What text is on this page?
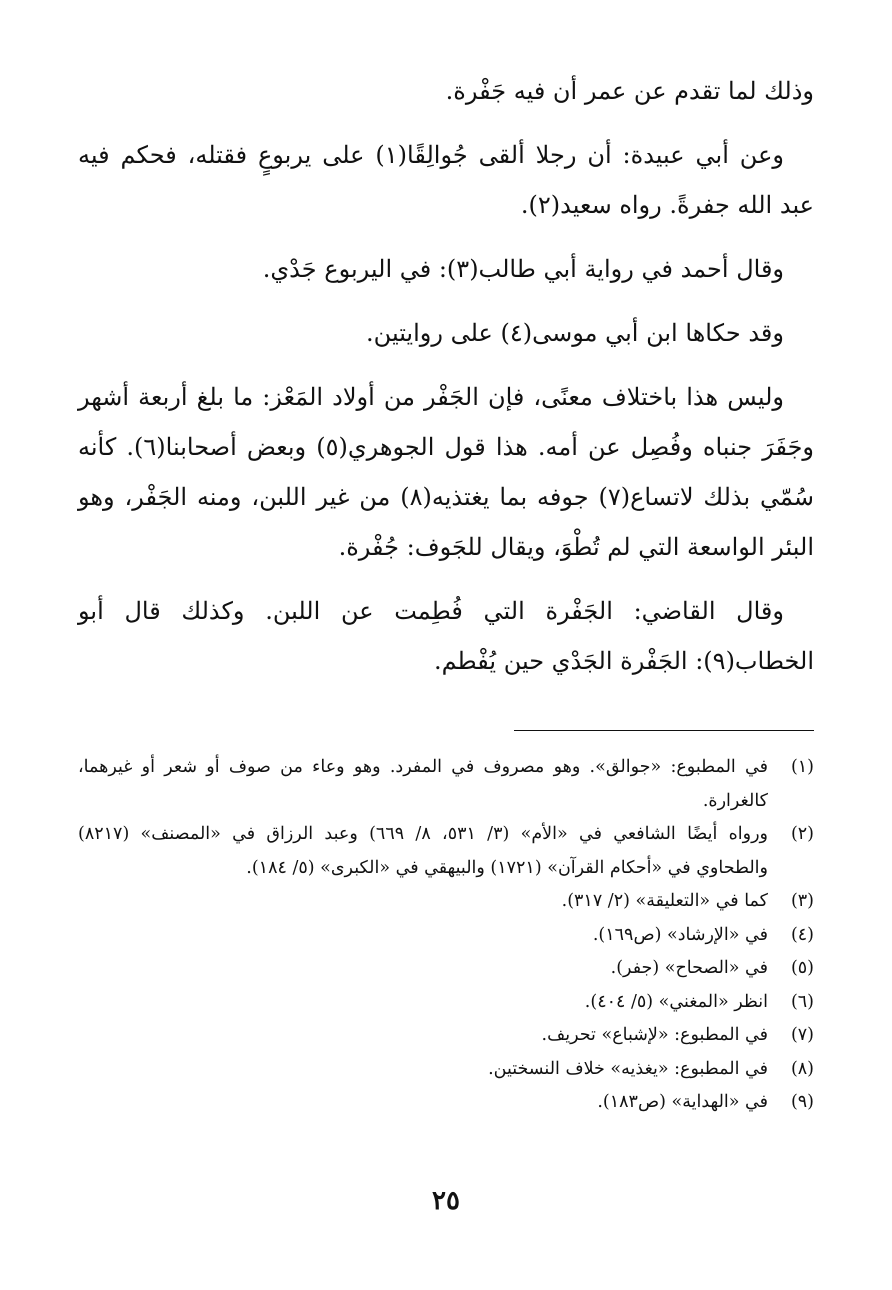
وذلك لما تقدم عن عمر أن فيه جَفْرة.

وعن أبي عبيدة: أن رجلا ألقى جُوالِقًا(١) على يربوعٍ فقتله، فحكم فيه عبد الله جفرةً. رواه سعيد(٢).

وقال أحمد في رواية أبي طالب(٣): في اليربوع جَدْي.

وقد حكاها ابن أبي موسى(٤) على روايتين.

وليس هذا باختلاف معنًى، فإن الجَفْر من أولاد المَعْز: ما بلغ أربعة أشهر وجَفَرَ جنباه وفُصِل عن أمه. هذا قول الجوهري(٥) وبعض أصحابنا(٦). كأنه سُمّي بذلك لاتساع(٧) جوفه بما يغتذيه(٨) من غير اللبن، ومنه الجَفْر، وهو البئر الواسعة التي لم تُطْوَ، ويقال للجَوف: جُفْرة.

وقال القاضي: الجَفْرة التي فُطِمت عن اللبن. وكذلك قال أبو الخطاب(٩): الجَفْرة الجَدْي حين يُفْطم.

(١)
في المطبوع: «جوالق». وهو مصروف في المفرد. وهو وعاء من صوف أو شعر أو غيرهما، كالغرارة.
(٢)
ورواه أيضًا الشافعي في «الأم» (٣/ ٥٣١، ٨/ ٦٦٩) وعبد الرزاق في «المصنف» (٨٢١٧) والطحاوي في «أحكام القرآن» (١٧٢١) والبيهقي في «الكبرى» (٥/ ١٨٤).
(٣)
كما في «التعليقة» (٢/ ٣١٧).
(٤)
في «الإرشاد» (ص١٦٩).
(٥)
في «الصحاح» (جفر).
(٦)
انظر «المغني» (٥/ ٤٠٤).
(٧)
في المطبوع: «لإشباع» تحريف.
(٨)
في المطبوع: «يغذيه» خلاف النسختين.
(٩)
في «الهداية» (ص١٨٣).
٢٥
